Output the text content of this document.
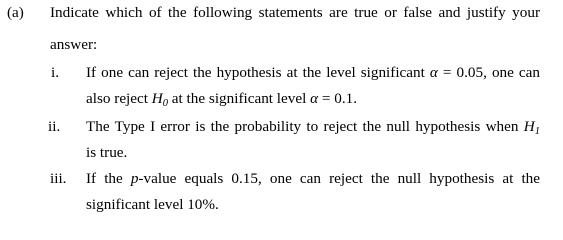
(a) Indicate which of the following statements are true or false and justify your
answer:
i. If one can reject the hypothesis at the level significant α = 0.05, one can
also reject $H_0$ at the significant level α = 0.1.
ii. The Type I error is the probability to reject the null hypothesis when $H_1$
is true.
iii. If the p-value equals 0.15, one can reject the null hypothesis at the
significant level 10%.
